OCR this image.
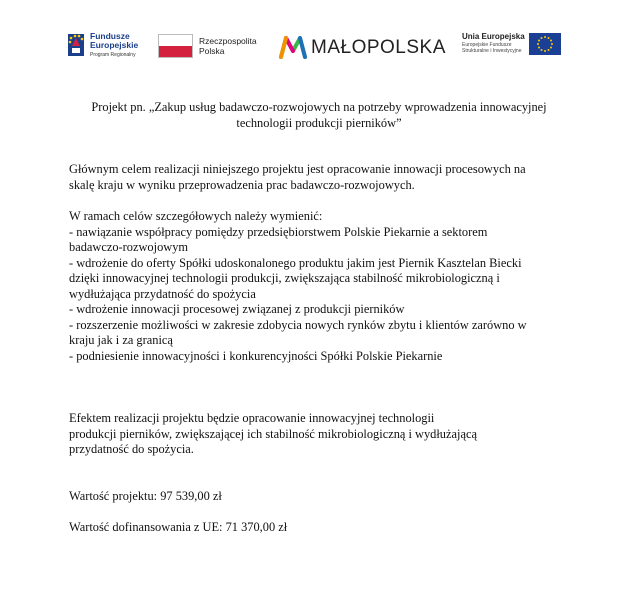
Fundusze
Europejskie
Program Regionalny
Rzeczpospolita
Polska	MAŁOPOLSKA
Unia Europejska
Europejskie Fundusze
Strukturalne i Inwestycyjne
Projekt pn. „Zakup usług badawczo-rozwojowych na potrzeby wprowadzenia innowacyjnej
technologii produkcji pierników”
Głównym celem realizacji niniejszego projektu jest opracowanie innowacji procesowych na
skalę kraju w wyniku przeprowadzenia prac badawczo-rozwojowych.
W ramach celów szczegółowych należy wymienić:
- nawiązanie współpracy pomiędzy przedsiębiorstwem Polskie Piekarnie a sektorem
badawczo-rozwojowym
- wdrożenie do oferty Spółki udoskonalonego produktu jakim jest Piernik Kasztelan Biecki
dzięki innowacyjnej technologii produkcji, zwiększająca stabilność mikrobiologiczną i
wydłużająca przydatność do spożycia
- wdrożenie innowacji procesowej związanej z produkcji pierników
- rozszerzenie możliwości w zakresie zdobycia nowych rynków zbytu i klientów zarówno w
kraju jak i za granicą
- podniesienie innowacyjności i konkurencyjności Spółki Polskie Piekarnie
Efektem realizacji projektu będzie opracowanie innowacyjnej technologii
produkcji pierników, zwiększającej ich stabilność mikrobiologiczną i wydłużającą
przydatność do spożycia.
Wartość projektu: 97 539,00 zł
Wartość dofinansowania z UE: 71 370,00 zł
